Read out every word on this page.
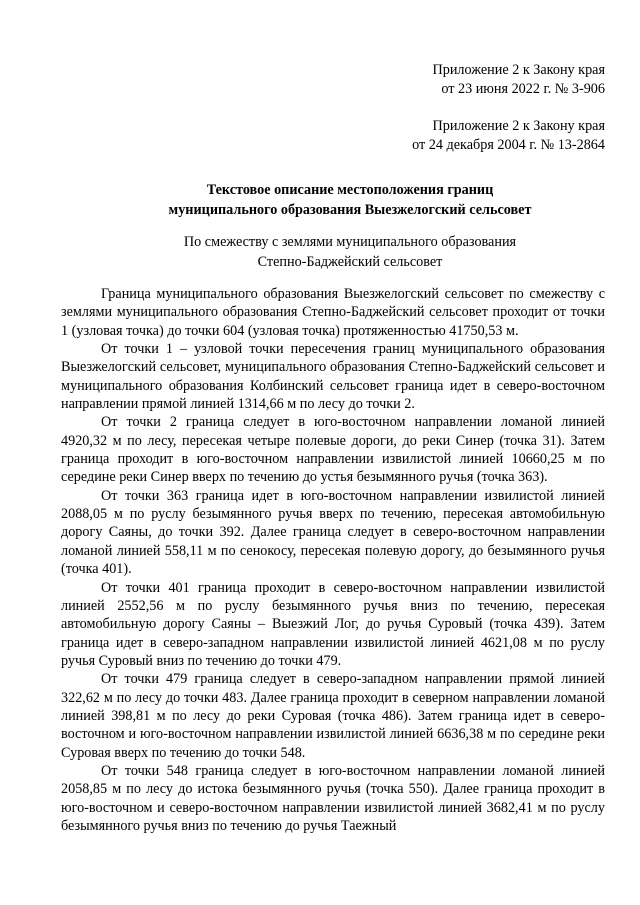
Приложение 2 к Закону края
от 23 июня 2022 г. № 3-906
Приложение 2 к Закону края
от 24 декабря 2004 г. № 13-2864
Текстовое описание местоположения границ
муниципального образования Выезжелогский сельсовет
По смежеству с землями муниципального образования
Степно-Баджейский сельсовет

Граница муниципального образования Выезжелогский сельсовет по смежеству с землями муниципального образования Степно-Баджейский сельсовет проходит от точки 1 (узловая точка) до точки 604 (узловая точка) протяженностью 41750,53 м.

От точки 1 – узловой точки пересечения границ муниципального образования Выезжелогский сельсовет, муниципального образования Степно-Баджейский сельсовет и муниципального образования Колбинский сельсовет граница идет в северо-восточном направлении прямой линией 1314,66 м по лесу до точки 2.

От точки 2 граница следует в юго-восточном направлении ломаной линией 4920,32 м по лесу, пересекая четыре полевые дороги, до реки Синер (точка 31). Затем граница проходит в юго-восточном направлении извилистой линией 10660,25 м по середине реки Синер вверх по течению до устья безымянного ручья (точка 363).

От точки 363 граница идет в юго-восточном направлении извилистой линией 2088,05 м по руслу безымянного ручья вверх по течению, пересекая автомобильную дорогу Саяны, до точки 392. Далее граница следует в северо-восточном направлении ломаной линией 558,11 м по сенокосу, пересекая полевую дорогу, до безымянного ручья (точка 401).

От точки 401 граница проходит в северо-восточном направлении извилистой линией 2552,56 м по руслу безымянного ручья вниз по течению, пересекая автомобильную дорогу Саяны – Выезжий Лог, до ручья Суровый (точка 439). Затем граница идет в северо-западном направлении извилистой линией 4621,08 м по руслу ручья Суровый вниз по течению до точки 479.

От точки 479 граница следует в северо-западном направлении прямой линией 322,62 м по лесу до точки 483. Далее граница проходит в северном направлении ломаной линией 398,81 м по лесу до реки Суровая (точка 486). Затем граница идет в северо-восточном и юго-восточном направлении извилистой линией 6636,38 м по середине реки Суровая вверх по течению до точки 548.

От точки 548 граница следует в юго-восточном направлении ломаной линией 2058,85 м по лесу до истока безымянного ручья (точка 550). Далее граница проходит в юго-восточном и северо-восточном направлении извилистой линией 3682,41 м по руслу безымянного ручья вниз по течению до ручья Таежный
